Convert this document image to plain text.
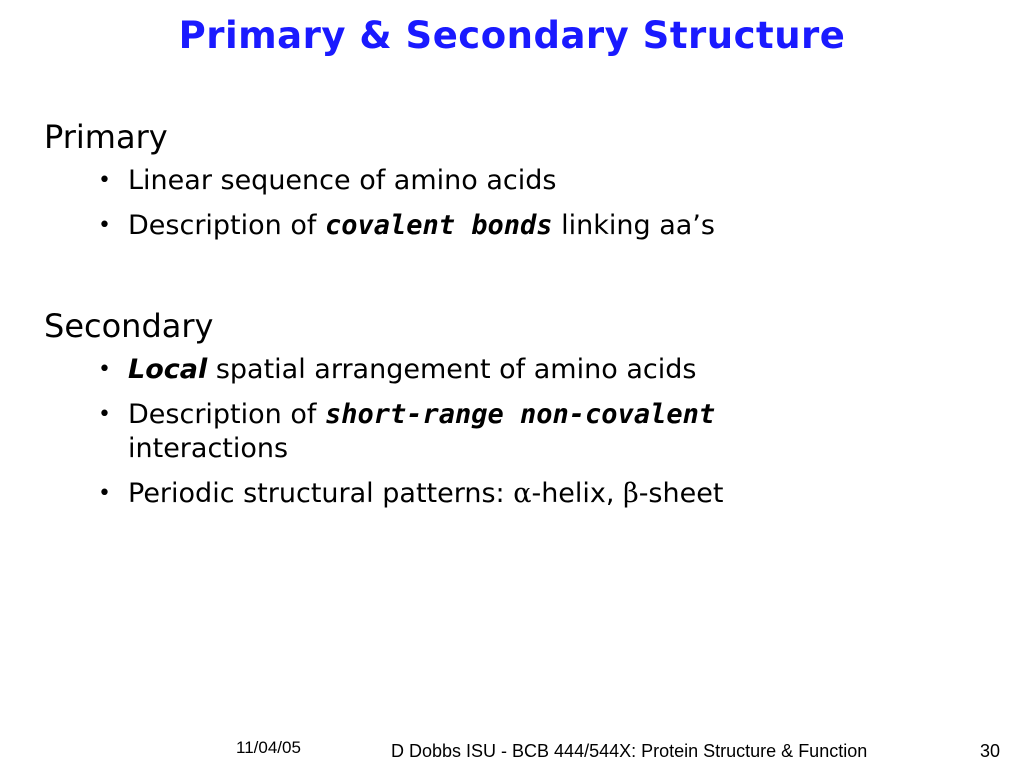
Primary & Secondary Structure
Primary
• Linear sequence of amino acids
• Description of covalent bonds linking aa’s
Secondary
• Local spatial arrangement of amino acids
• Description of short-range non-covalent
interactions
• Periodic structural patterns: α-helix, β-sheet
11/04/05	D Dobbs ISU - BCB 444/544X: Protein Structure & Function	30
